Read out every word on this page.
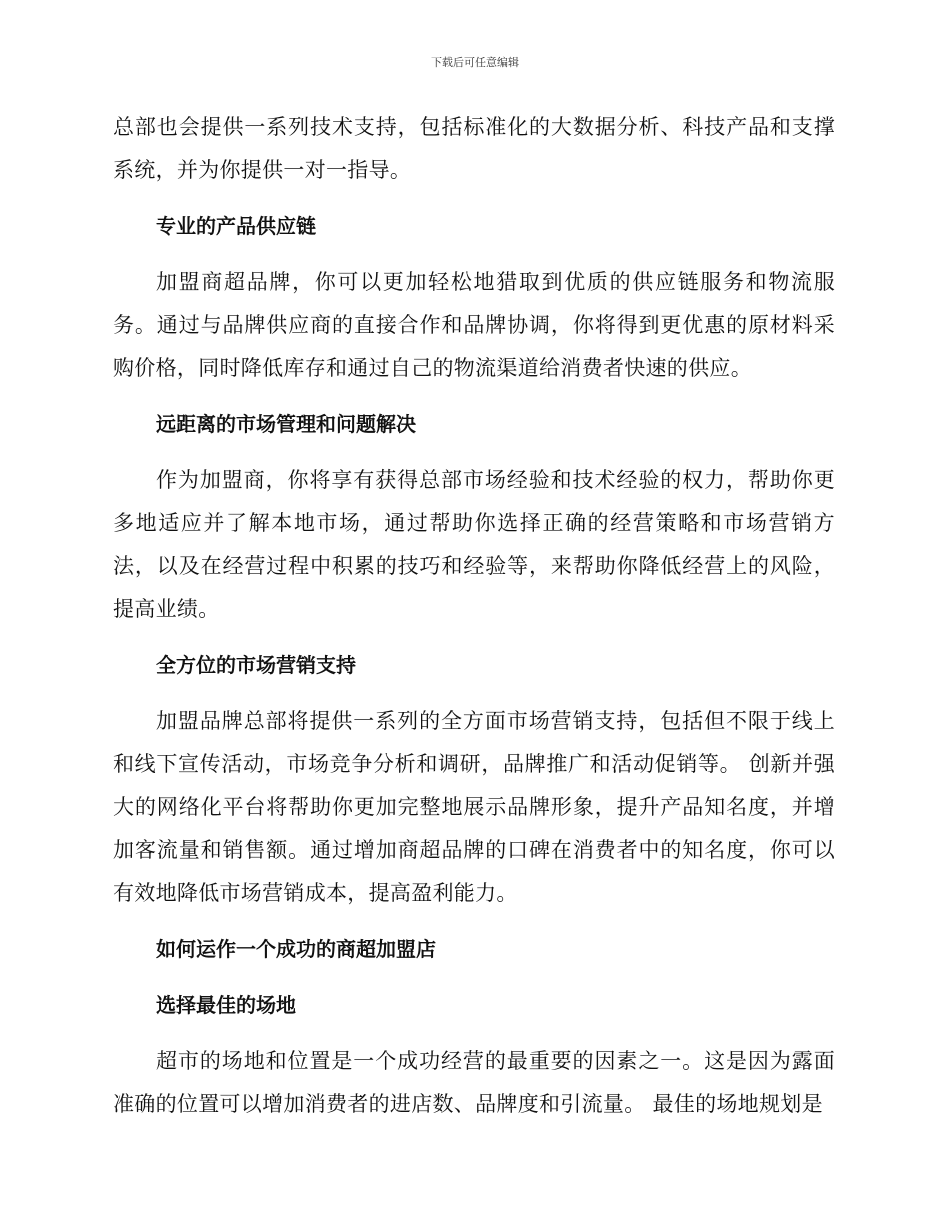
下载后可任意编辑

总部也会提供一系列技术支持，包括标准化的大数据分析、科技产品和支撑系统，并为你提供一对一指导。

专业的产品供应链

加盟商超品牌，你可以更加轻松地猎取到优质的供应链服务和物流服务。通过与品牌供应商的直接合作和品牌协调，你将得到更优惠的原材料采购价格，同时降低库存和通过自己的物流渠道给消费者快速的供应。

远距离的市场管理和问题解决

作为加盟商，你将享有获得总部市场经验和技术经验的权力，帮助你更多地适应并了解本地市场，通过帮助你选择正确的经营策略和市场营销方法，以及在经营过程中积累的技巧和经验等，来帮助你降低经营上的风险，提高业绩。

全方位的市场营销支持

加盟品牌总部将提供一系列的全方面市场营销支持，包括但不限于线上和线下宣传活动，市场竞争分析和调研，品牌推广和活动促销等。 创新并强大的网络化平台将帮助你更加完整地展示品牌形象，提升产品知名度，并增加客流量和销售额。通过增加商超品牌的口碑在消费者中的知名度，你可以有效地降低市场营销成本，提高盈利能力。

如何运作一个成功的商超加盟店
选择最佳的场地

超市的场地和位置是一个成功经营的最重要的因素之一。这是因为露面准确的位置可以增加消费者的进店数、品牌度和引流量。 最佳的场地规划是
